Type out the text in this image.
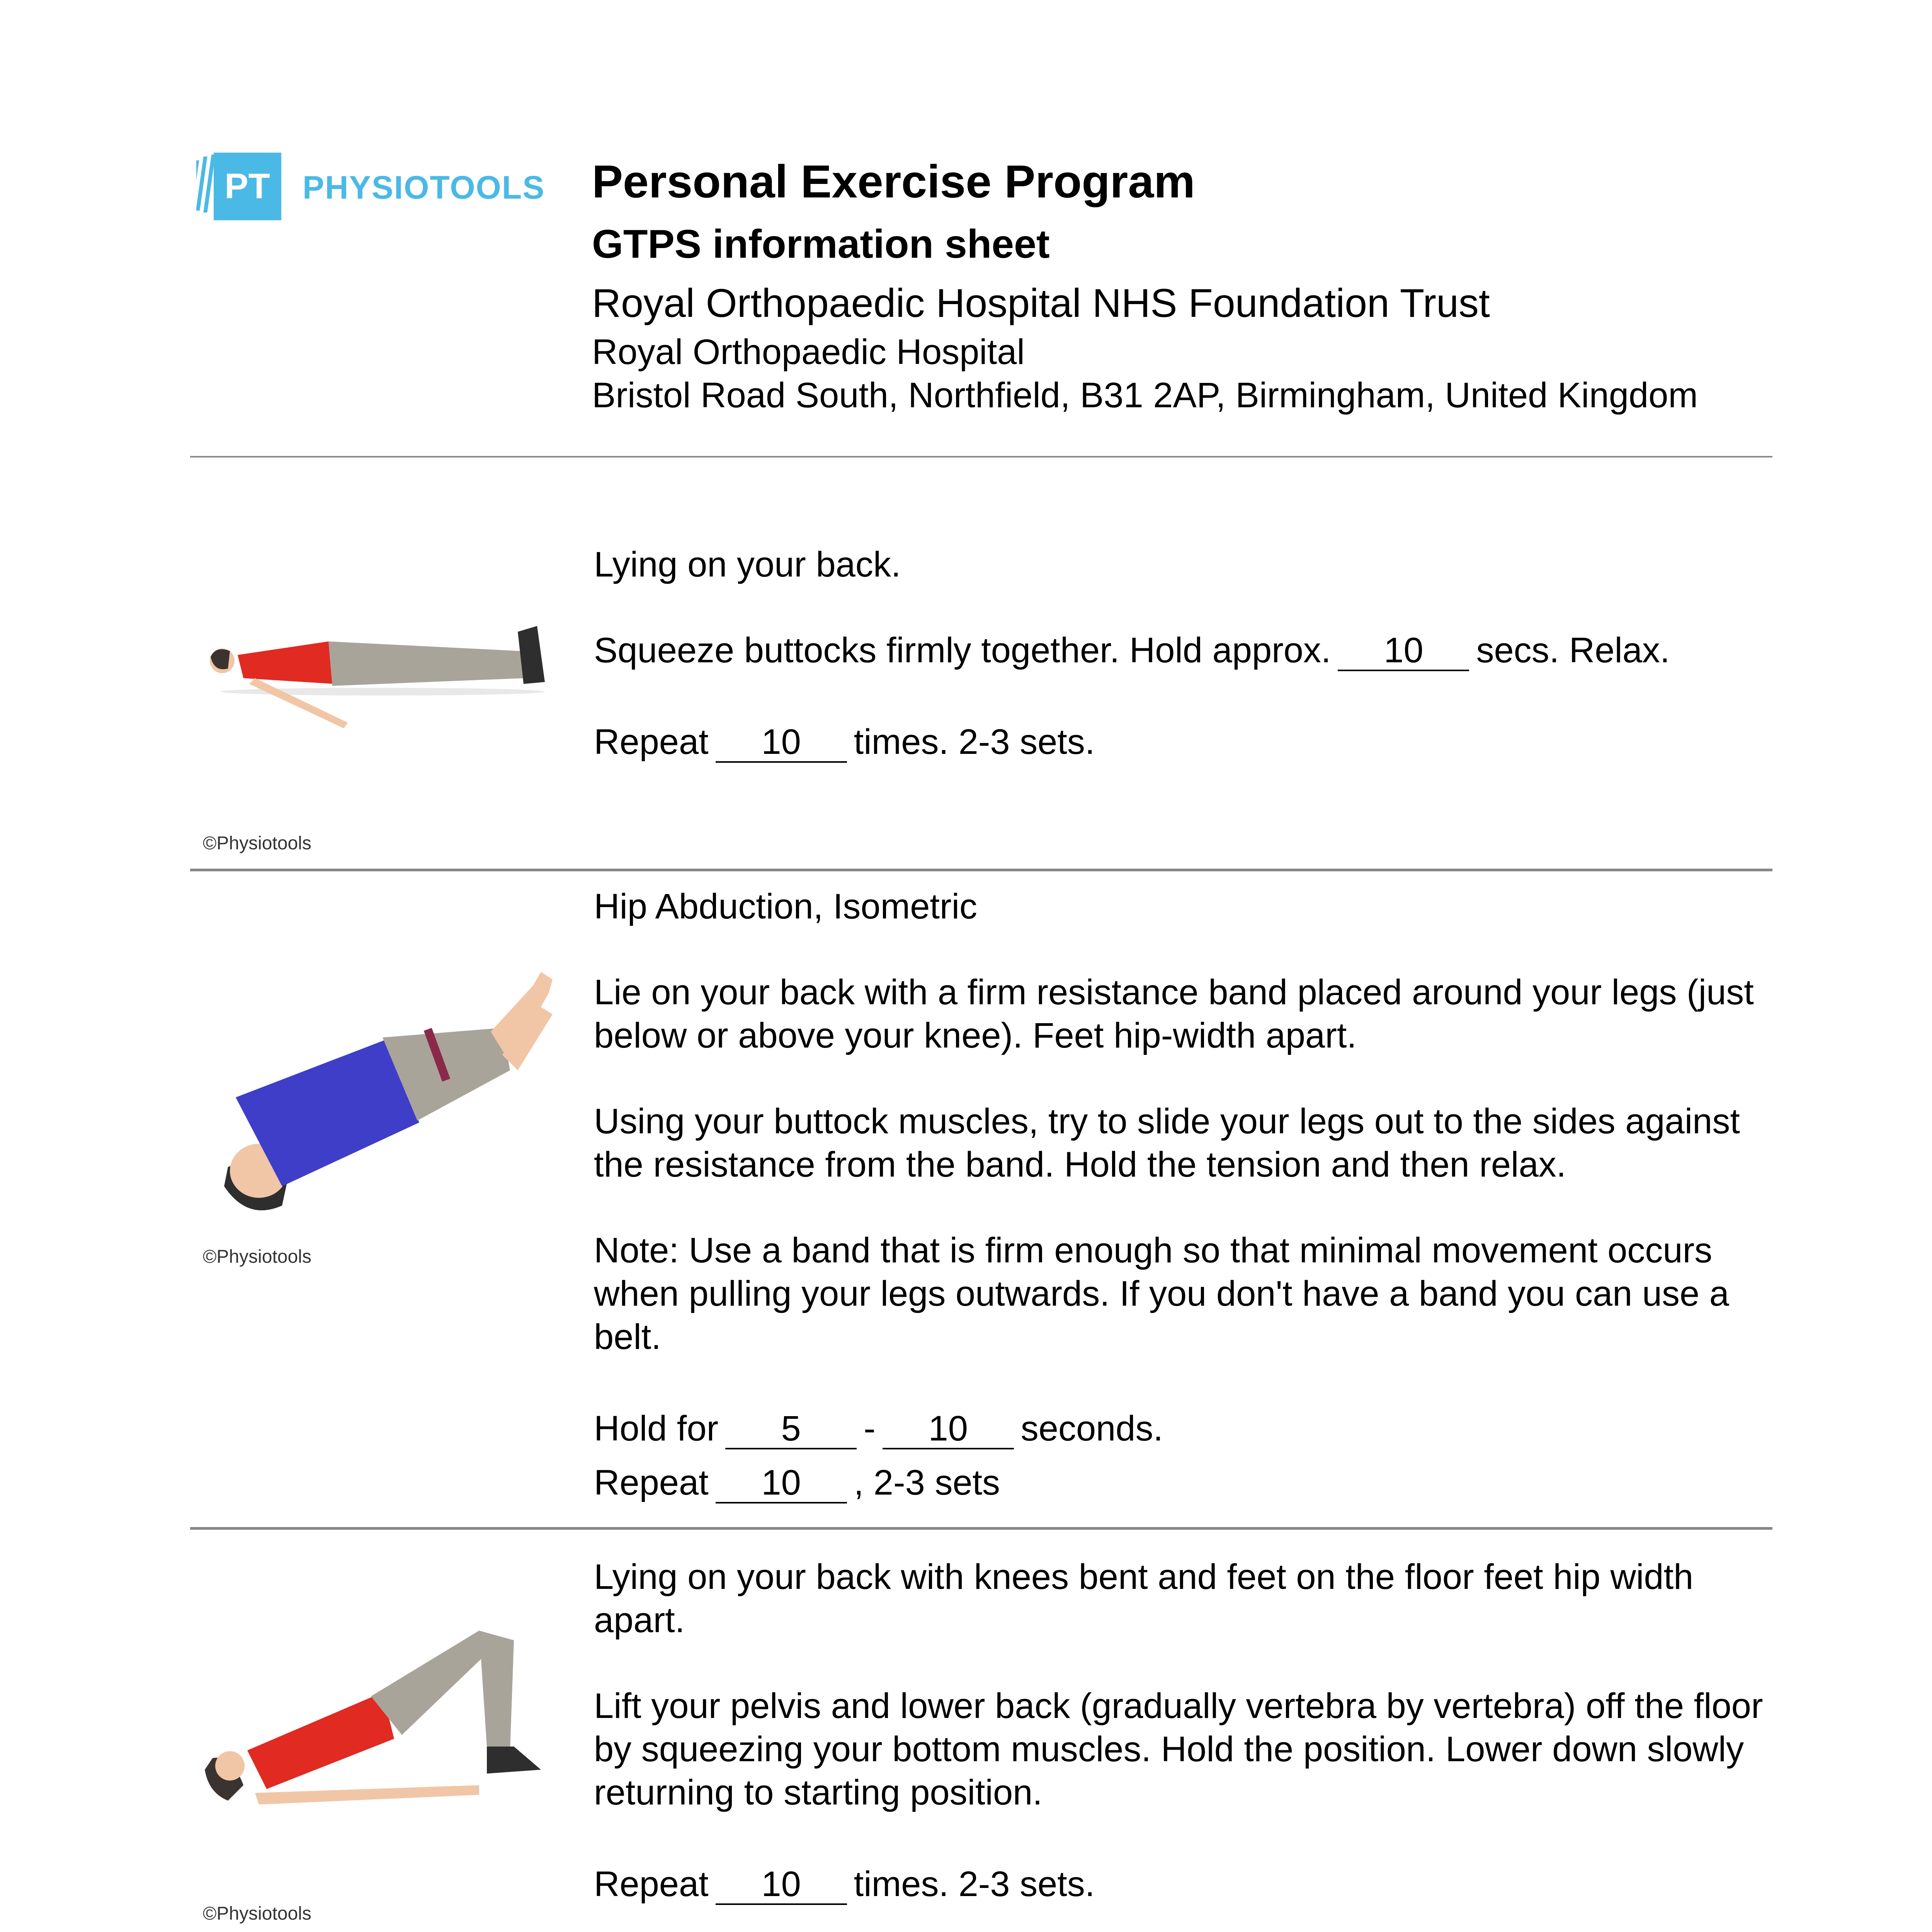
PT PHYSIOTOOLS Personal Exercise Program
GTPS information sheet
Royal Orthopaedic Hospital NHS Foundation Trust
Royal Orthopaedic Hospital
Bristol Road South, Northfield, B31 2AP, Birmingham, United Kingdom
©Physiotools

Lying on your back.

Squeeze buttocks firmly together. Hold approx. 10 secs. Relax.

Repeat 10 times. 2-3 sets.

©Physiotools

Hip Abduction, Isometric

Lie on your back with a firm resistance band placed around your legs (just below or above your knee). Feet hip-width apart.

Using your buttock muscles, try to slide your legs out to the sides against the resistance from the band. Hold the tension and then relax.

Note: Use a band that is firm enough so that minimal movement occurs when pulling your legs outwards. If you don't have a band you can use a belt.

Hold for 5 - 10 seconds.

Repeat 10 , 2-3 sets

©Physiotools

Lying on your back with knees bent and feet on the floor feet hip width apart.

Lift your pelvis and lower back (gradually vertebra by vertebra) off the floor by squeezing your bottom muscles. Hold the position. Lower down slowly returning to starting position.

Repeat 10 times. 2-3 sets.
